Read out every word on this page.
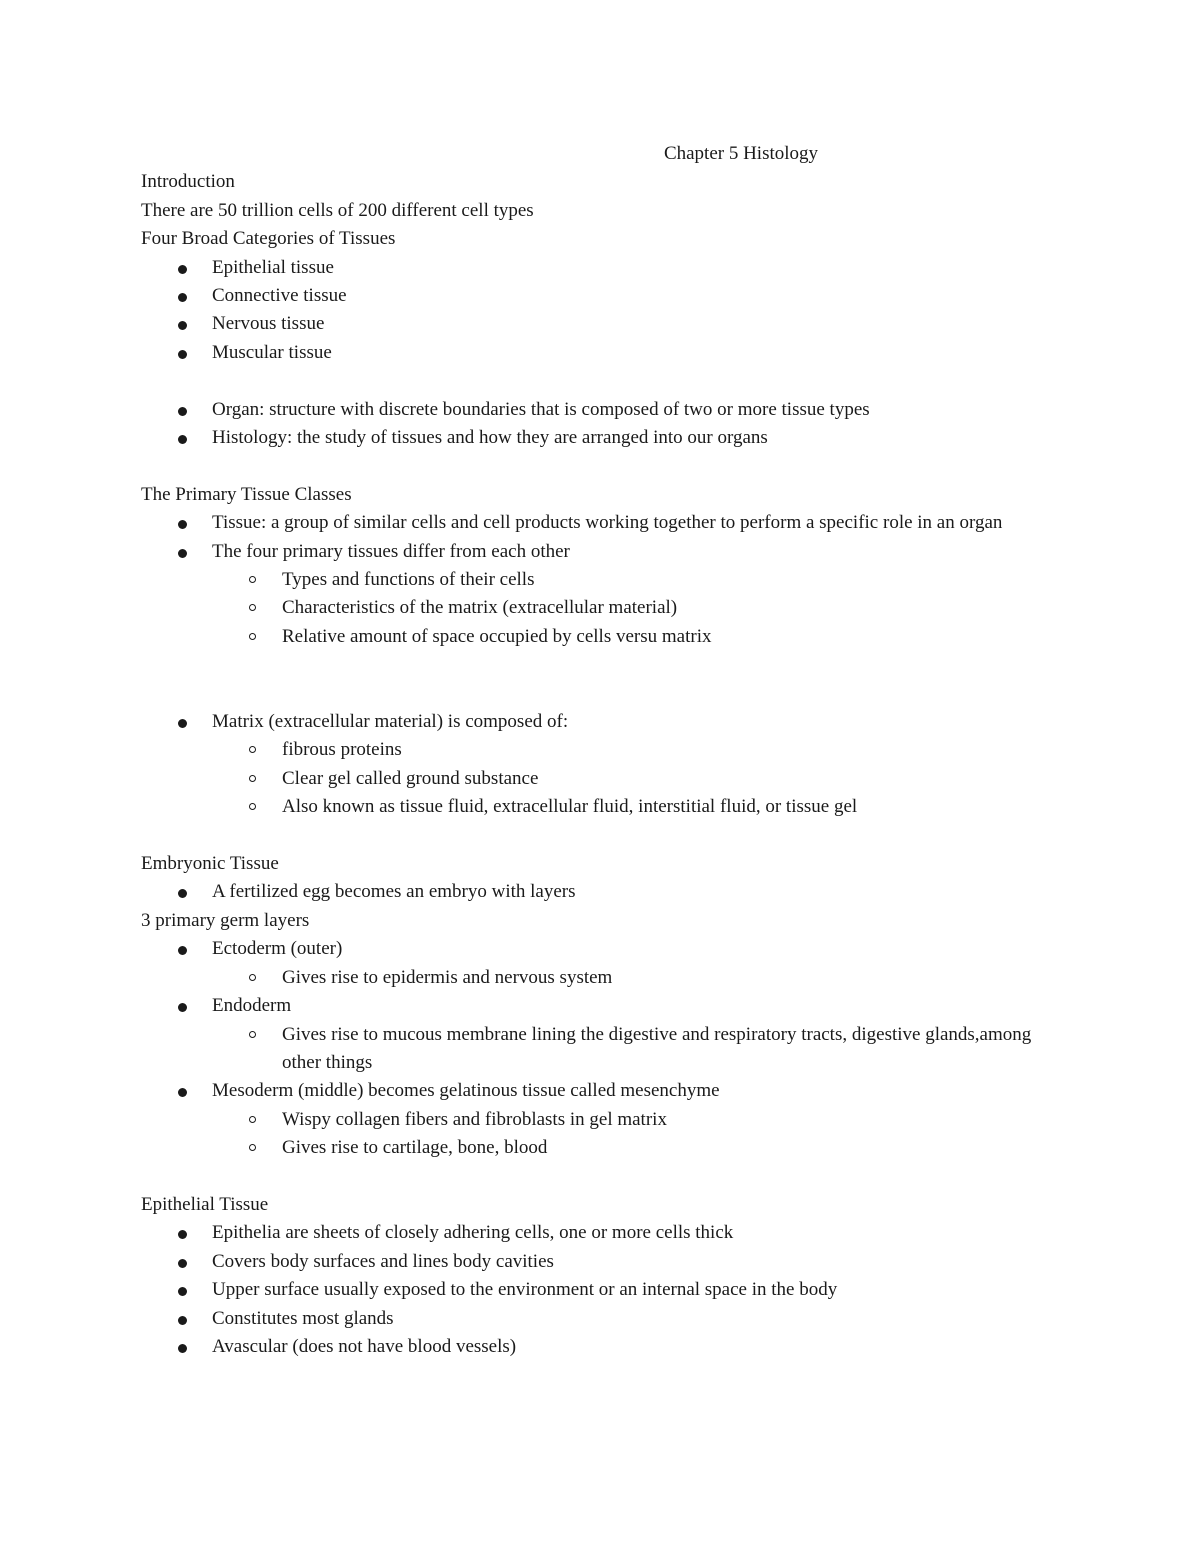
Chapter 5 Histology

Introduction

There are 50 trillion cells of 200 different cell types

Four Broad Categories of Tissues

Epithelial tissue
Connective tissue
Nervous tissue
Muscular tissue
Organ: structure with discrete boundaries that is composed of two or more tissue types
Histology: the study of tissues and how they are arranged into our organs

The Primary Tissue Classes

Tissue: a group of similar cells and cell products working together to perform a specific role in an organ
The four primary tissues differ from each other
Types and functions of their cells
Characteristics of the matrix (extracellular material)
Relative amount of space occupied by cells versu matrix
Matrix (extracellular material) is composed of:
fibrous proteins
Clear gel called ground substance
Also known as tissue fluid, extracellular fluid, interstitial fluid, or tissue gel

Embryonic Tissue

A fertilized egg becomes an embryo with layers

3 primary germ layers

Ectoderm (outer)
Gives rise to epidermis and nervous system
Endoderm
Gives rise to mucous membrane lining the digestive and respiratory tracts, digestive glands,among other things
Mesoderm (middle) becomes gelatinous tissue called mesenchyme
Wispy collagen fibers and fibroblasts in gel matrix
Gives rise to cartilage, bone, blood

Epithelial Tissue

Epithelia are sheets of closely adhering cells, one or more cells thick
Covers body surfaces and lines body cavities
Upper surface usually exposed to the environment or an internal space in the body
Constitutes most glands
Avascular (does not have blood vessels)
